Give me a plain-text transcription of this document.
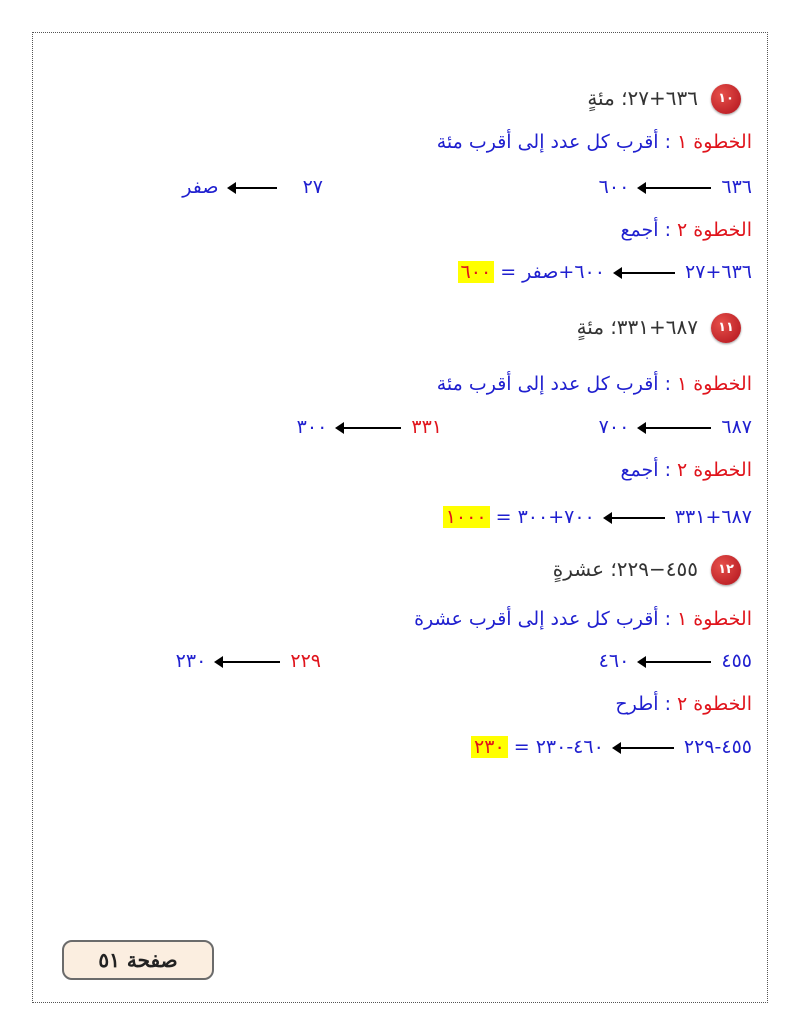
١٠
٦٣٦+٢٧؛ مئةٍ
الخطوة ١ : أقرب كل عدد إلى أقرب مئة
٦٣٦  ٦٠٠
٢٧  صفر
الخطوة ٢ : أجمع
٦٣٦+٢٧  ٦٠٠+صفر = ٦٠٠
١١
٦٨٧+٣٣١؛ مئةٍ
الخطوة ١ : أقرب كل عدد إلى أقرب مئة
٦٨٧  ٧٠٠
٣٣١  ٣٠٠
الخطوة ٢ : أجمع
٦٨٧+٣٣١  ٧٠٠+٣٠٠ = ١٠٠٠
١٢
٤٥٥−٢٢٩؛ عشرةٍ
الخطوة ١ : أقرب كل عدد إلى أقرب عشرة
٤٥٥  ٤٦٠
٢٢٩  ٢٣٠
الخطوة ٢ : أطرح
٤٥٥-٢٢٩  ٤٦٠-٢٣٠ = ٢٣٠
صفحة ٥١
